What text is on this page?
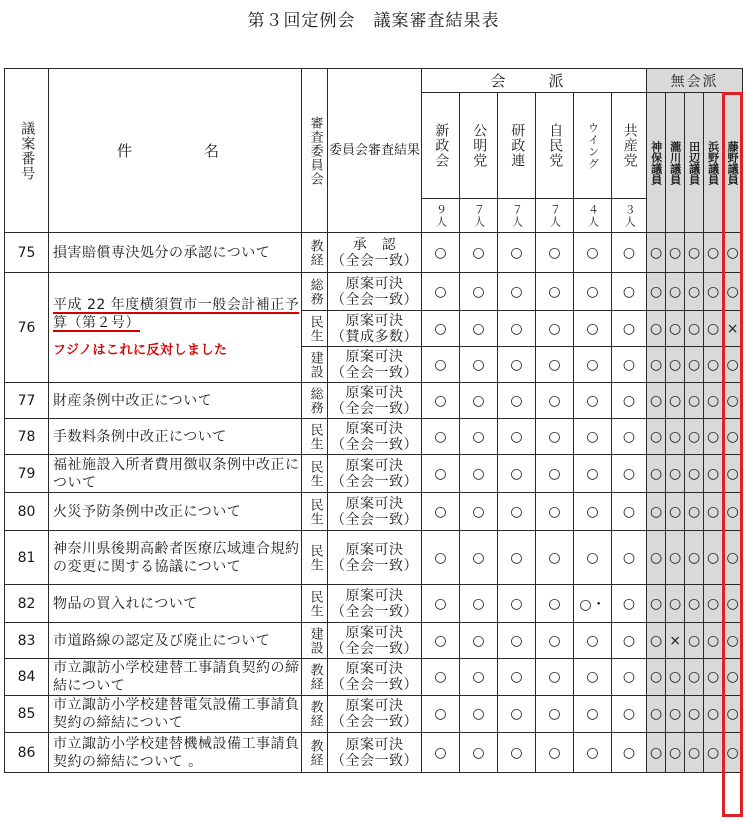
第３回定例会　議案審査結果表
議案番号	件　　名	審査委員会	委員会審査結果	会　派						無会派				

				新政会	公明党	研政連	自民党	ウイング	共産党	神保議員	瀧川議員	田辺議員	浜野議員	藤野議員

				９人	７人	７人	７人	４人	３人					

75	損害賠償専決処分の承認について	教経	承　認
（全会一致）	○	○	○	○	○	○	○	○	○	○	○
76	平成 22 年度横須賀市一般会計補正予算（第２号）
フジノはこれに反対しました	総務	原案可決
（全会一致）	○	○	○	○	○	○	○	○	○	○	○

		民生	原案可決
（賛成多数）	○	○	○	○	○	○	○	○	○	○	×

		建設	原案可決
（全会一致）	○	○	○	○	○	○	○	○	○	○	○
77	財産条例中改正について	総務	原案可決
（全会一致）	○	○	○	○	○	○	○	○	○	○	○
78	手数料条例中改正について	民生	原案可決
（全会一致）	○	○	○	○	○	○	○	○	○	○	○
79	福祉施設入所者費用徴収条例中改正について	民生	原案可決
（全会一致）	○	○	○	○	○	○	○	○	○	○	○
80	火災予防条例中改正について	民生	原案可決
（全会一致）	○	○	○	○	○	○	○	○	○	○	○
81	神奈川県後期高齢者医療広域連合規約の変更に関する協議について	民生	原案可決
（全会一致）	○	○	○	○	○	○	○	○	○	○	○
82	物品の買入れについて	民生	原案可決
（全会一致）	○	○	○	○	○・	○	○	○	○	○	○
83	市道路線の認定及び廃止について	建設	原案可決
（全会一致）	○	○	○	○	○	○	○	×	○	○	○
84	市立諏訪小学校建替工事請負契約の締結について	教経	原案可決
（全会一致）	○	○	○	○	○	○	○	○	○	○	○
85	市立諏訪小学校建替電気設備工事請負契約の締結について	教経	原案可決
（全会一致）	○	○	○	○	○	○	○	○	○	○	○
86	市立諏訪小学校建替機械設備工事請負契約の締結について 。	教経	原案可決
（全会一致）	○	○	○	○	○	○	○	○	○	○	○
